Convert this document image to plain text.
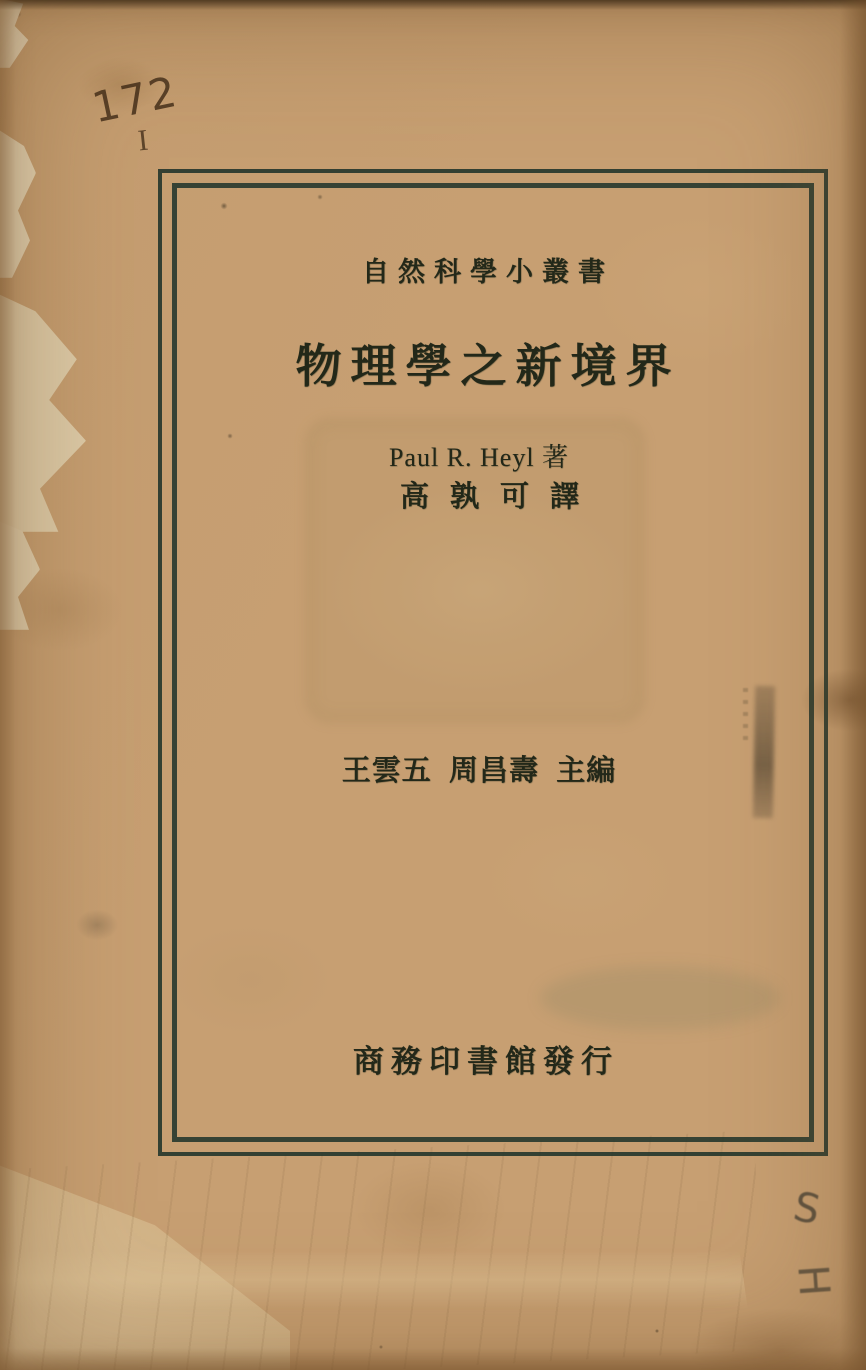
自然科學小叢書
物理學之新境界
Paul R. Heyl 著
高孰可譯
王雲五 周昌壽 主編
商務印書館發行
172
I
S
H
